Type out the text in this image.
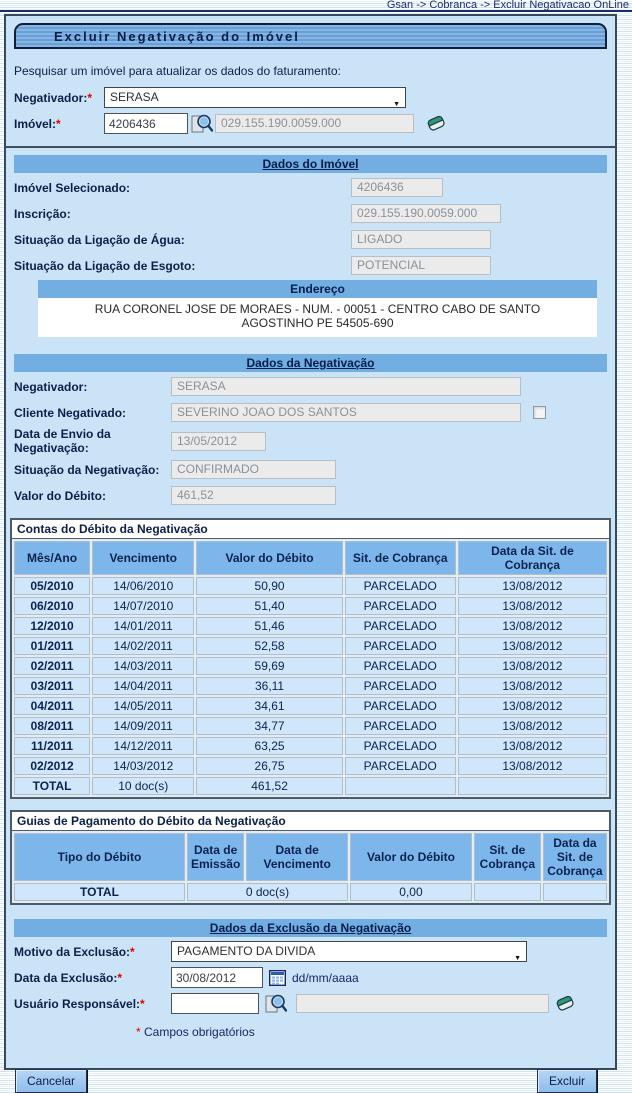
Gsan -> Cobranca -> Excluir Negativacao OnLine
Excluir Negativação do Imóvel
Pesquisar um imóvel para atualizar os dados do faturamento:
Negativador:*	SERASA
▼
Imóvel:*
4206436	029.155.190.0059.000
Dados do Imóvel
Imóvel Selecionado:	4206436
Inscrição:	029.155.190.0059.000
Situação da Ligação de Água:	LIGADO
Situação da Ligação de Esgoto:	POTENCIAL
Endereço
RUA CORONEL JOSE DE MORAES - NUM. - 00051 - CENTRO CABO DE SANTO AGOSTINHO PE 54505-690
Dados da Negativação
Negativador:	SERASA
Cliente Negativado:	SEVERINO JOAO DOS SANTOS
Data de Envio da Negativação:
13/05/2012
Situação da Negativação:	CONFIRMADO
Valor do Débito:	461,52
Contas do Débito da Negativação
Mês/Ano	Vencimento	Valor do Débito	Sit. de Cobrança	Data da Sit. de Cobrança
05/2010	14/06/2010	50,90	PARCELADO	13/08/2012
06/2010	14/07/2010	51,40	PARCELADO	13/08/2012
12/2010	14/01/2011	51,46	PARCELADO	13/08/2012
01/2011	14/02/2011	52,58	PARCELADO	13/08/2012
02/2011	14/03/2011	59,69	PARCELADO	13/08/2012
03/2011	14/04/2011	36,11	PARCELADO	13/08/2012
04/2011	14/05/2011	34,61	PARCELADO	13/08/2012
08/2011	14/09/2011	34,77	PARCELADO	13/08/2012
11/2011	14/12/2011	63,25	PARCELADO	13/08/2012
02/2012	14/03/2012	26,75	PARCELADO	13/08/2012
TOTAL	10 doc(s)	461,52		
Guias de Pagamento do Débito da Negativação
Tipo do Débito	Data de Emissão	Data de Vencimento	Valor do Débito	Sit. de Cobrança	Data da Sit. de Cobrança
TOTAL	0 doc(s)		0,00		
Dados da Exclusão da Negativação
Motivo da Exclusão:*	PAGAMENTO DA DIVIDA
▼
Data da Exclusão:*
30/08/2012	dd/mm/aaaa
Usuário Responsável:*
* Campos obrigatórios
Cancelar	Excluir
